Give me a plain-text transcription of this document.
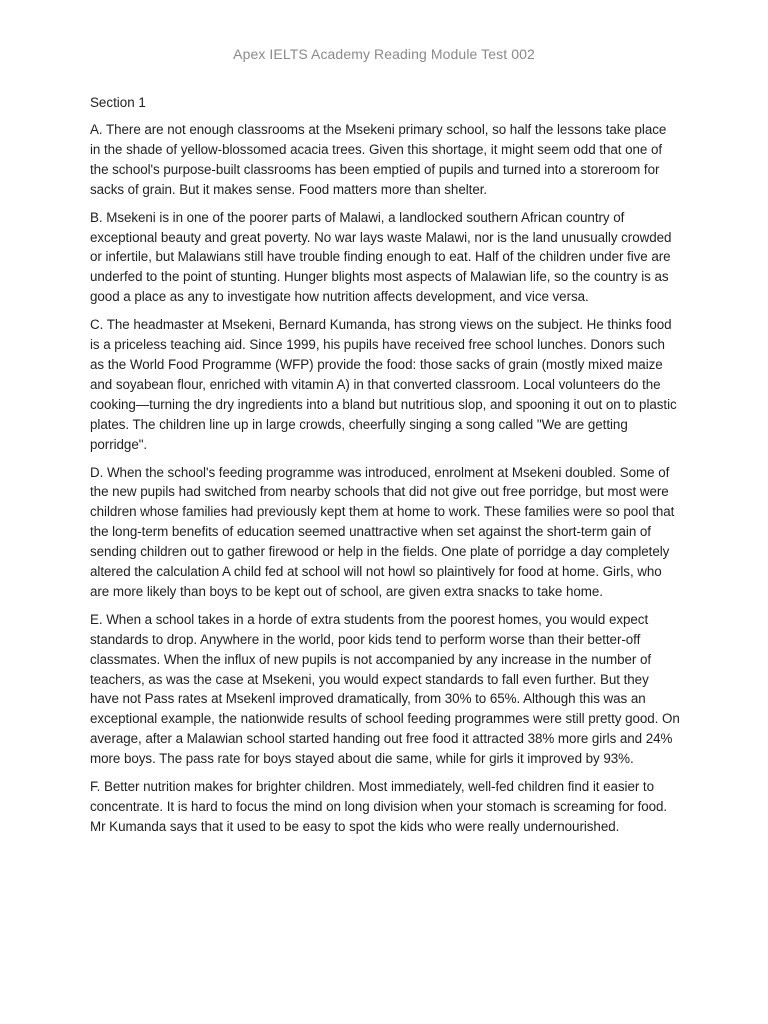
Apex IELTS Academy Reading Module Test 002

Section 1

A. There are not enough classrooms at the Msekeni primary school, so half the lessons take place in the shade of yellow-blossomed acacia trees. Given this shortage, it might seem odd that one of the school's purpose-built classrooms has been emptied of pupils and turned into a storeroom for sacks of grain. But it makes sense. Food matters more than shelter.

B. Msekeni is in one of the poorer parts of Malawi, a landlocked southern African country of exceptional beauty and great poverty. No war lays waste Malawi, nor is the land unusually crowded or infertile, but Malawians still have trouble finding enough to eat. Half of the children under five are underfed to the point of stunting. Hunger blights most aspects of Malawian life, so the country is as good a place as any to investigate how nutrition affects development, and vice versa.

C. The headmaster at Msekeni, Bernard Kumanda, has strong views on the subject. He thinks food is a priceless teaching aid. Since 1999, his pupils have received free school lunches. Donors such as the World Food Programme (WFP) provide the food: those sacks of grain (mostly mixed maize and soyabean flour, enriched with vitamin A) in that converted classroom. Local volunteers do the cooking—turning the dry ingredients into a bland but nutritious slop, and spooning it out on to plastic plates. The children line up in large crowds, cheerfully singing a song called "We are getting porridge".

D. When the school's feeding programme was introduced, enrolment at Msekeni doubled. Some of the new pupils had switched from nearby schools that did not give out free porridge, but most were children whose families had previously kept them at home to work. These families were so pool that the long-term benefits of education seemed unattractive when set against the short-term gain of sending children out to gather firewood or help in the fields. One plate of porridge a day completely altered the calculation A child fed at school will not howl so plaintively for food at home. Girls, who are more likely than boys to be kept out of school, are given extra snacks to take home.

E. When a school takes in a horde of extra students from the poorest homes, you would expect standards to drop. Anywhere in the world, poor kids tend to perform worse than their better-off classmates. When the influx of new pupils is not accompanied by any increase in the number of teachers, as was the case at Msekeni, you would expect standards to fall even further. But they have not Pass rates at Msekenl improved dramatically, from 30% to 65%. Although this was an exceptional example, the nationwide results of school feeding programmes were still pretty good. On average, after a Malawian school started handing out free food it attracted 38% more girls and 24% more boys. The pass rate for boys stayed about die same, while for girls it improved by 93%.

F. Better nutrition makes for brighter children. Most immediately, well-fed children find it easier to concentrate. It is hard to focus the mind on long division when your stomach is screaming for food. Mr Kumanda says that it used to be easy to spot the kids who were really undernourished.
